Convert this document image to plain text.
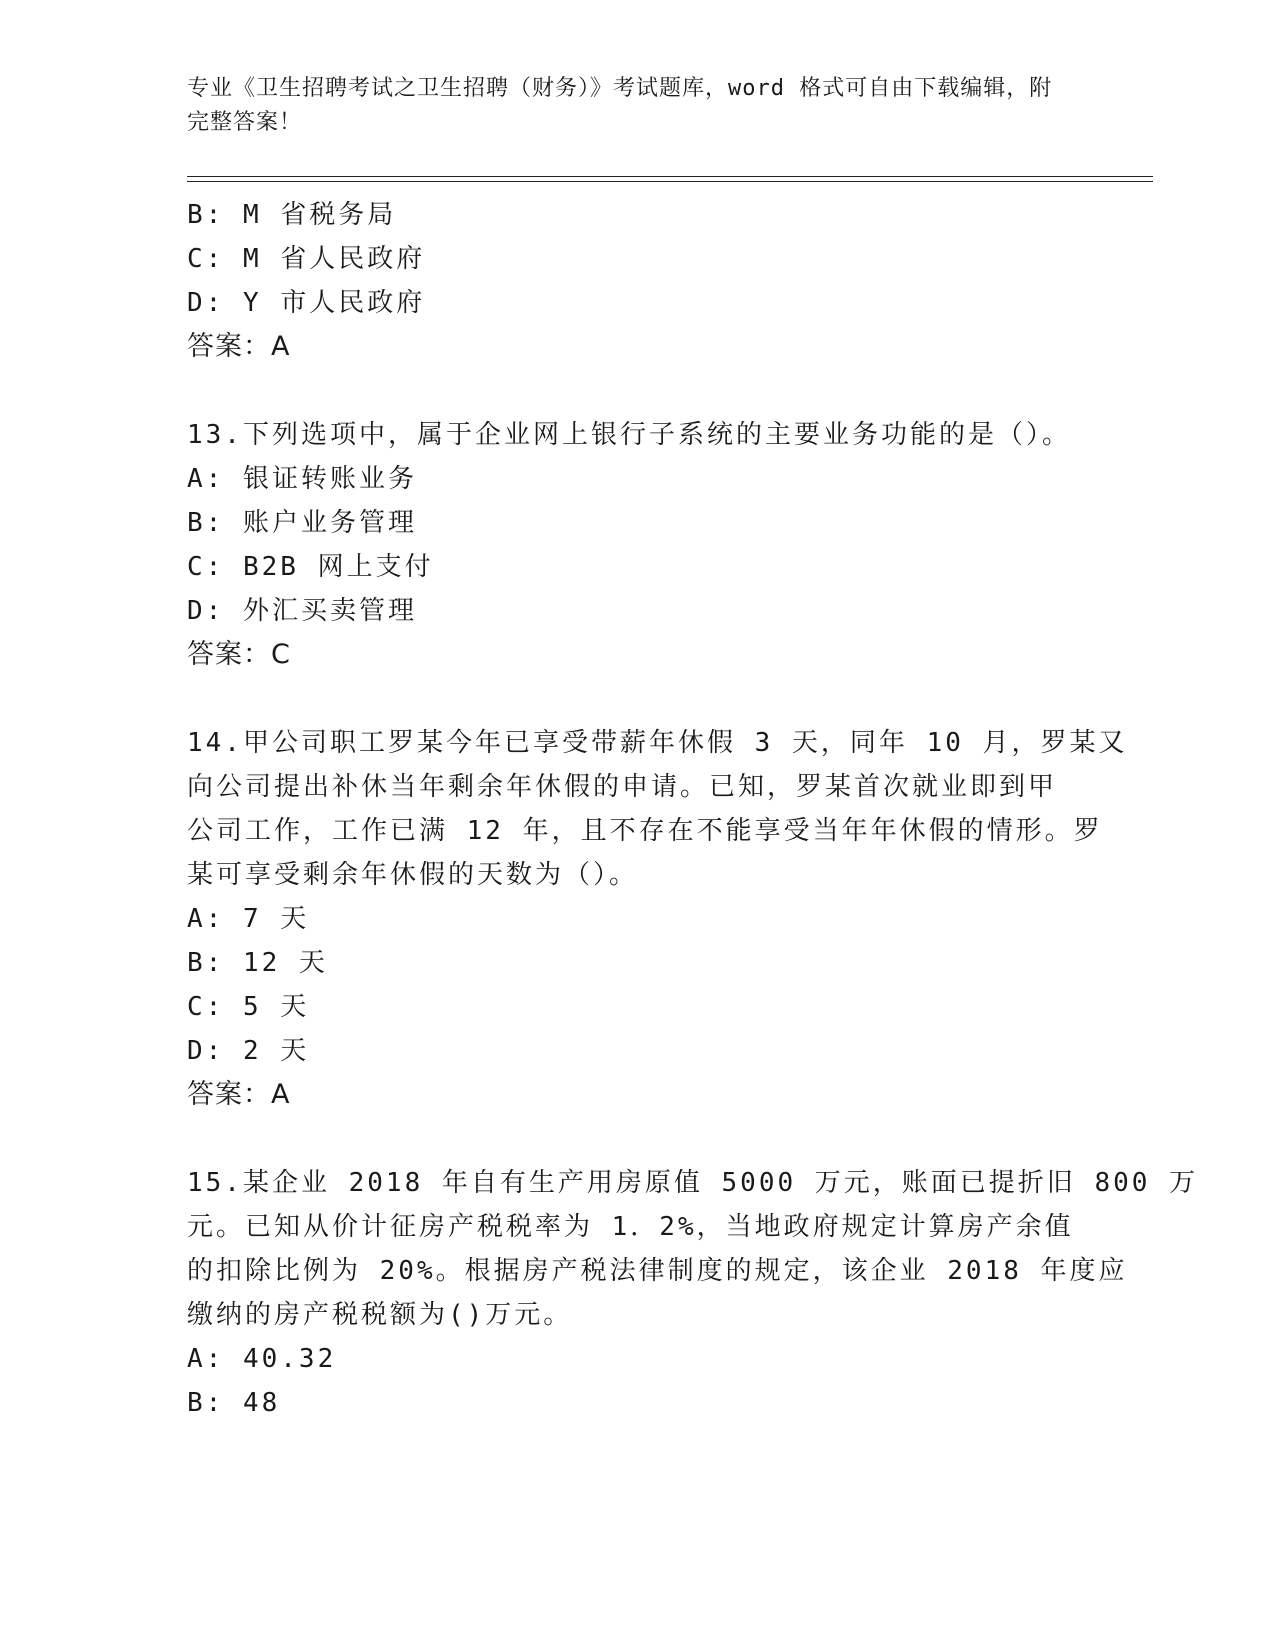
专业《卫生招聘考试之卫生招聘（财务）》考试题库，word 格式可自由下载编辑，附完整答案！
B: M 省税务局
C: M 省人民政府
D: Y 市人民政府
答案：A
13.下列选项中，属于企业网上银行子系统的主要业务功能的是（）。
A: 银证转账业务
B: 账户业务管理
C: B2B 网上支付
D: 外汇买卖管理
答案：C
14.甲公司职工罗某今年已享受带薪年休假 3 天，同年 10 月，罗某又
向公司提出补休当年剩余年休假的申请。已知，罗某首次就业即到甲
公司工作，工作已满 12 年，且不存在不能享受当年年休假的情形。罗
某可享受剩余年休假的天数为（）。
A: 7 天
B: 12 天
C: 5 天
D: 2 天
答案：A
15.某企业 2018 年自有生产用房原值 5000 万元，账面已提折旧 800 万
元。已知从价计征房产税税率为 1．2%，当地政府规定计算房产余值
的扣除比例为 20%。根据房产税法律制度的规定，该企业 2018 年度应
缴纳的房产税税额为()万元。
A: 40.32
B: 48
